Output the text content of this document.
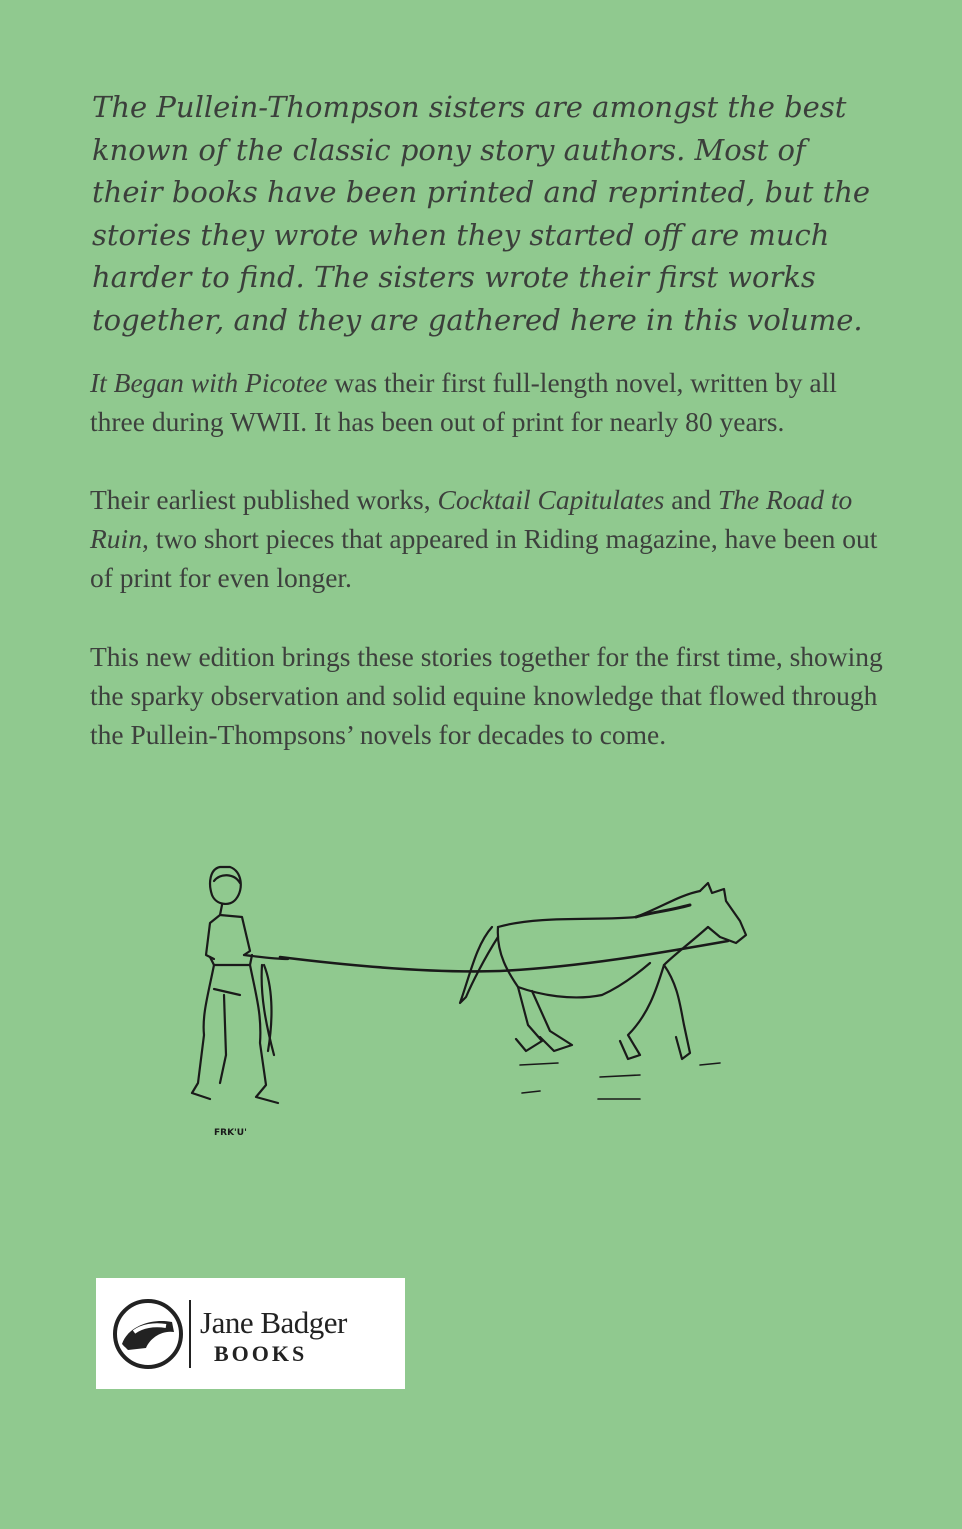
The Pullein-Thompson sisters are amongst the best known of the classic pony story authors. Most of their books have been printed and reprinted, but the stories they wrote when they started off are much harder to find. The sisters wrote their first works together, and they are gathered here in this volume.

It Began with Picotee was their first full-length novel, written by all three during WWII. It has been out of print for nearly 80 years.

Their earliest published works, Cocktail Capitulates and The Road to Ruin, two short pieces that appeared in Riding magazine, have been out of print for even longer.

This new edition brings these stories together for the first time, showing the sparky observation and solid equine knowledge that flowed through the Pullein-Thompsons’ novels for decades to come.

FRK'U'
Jane Badger
BOOKS
